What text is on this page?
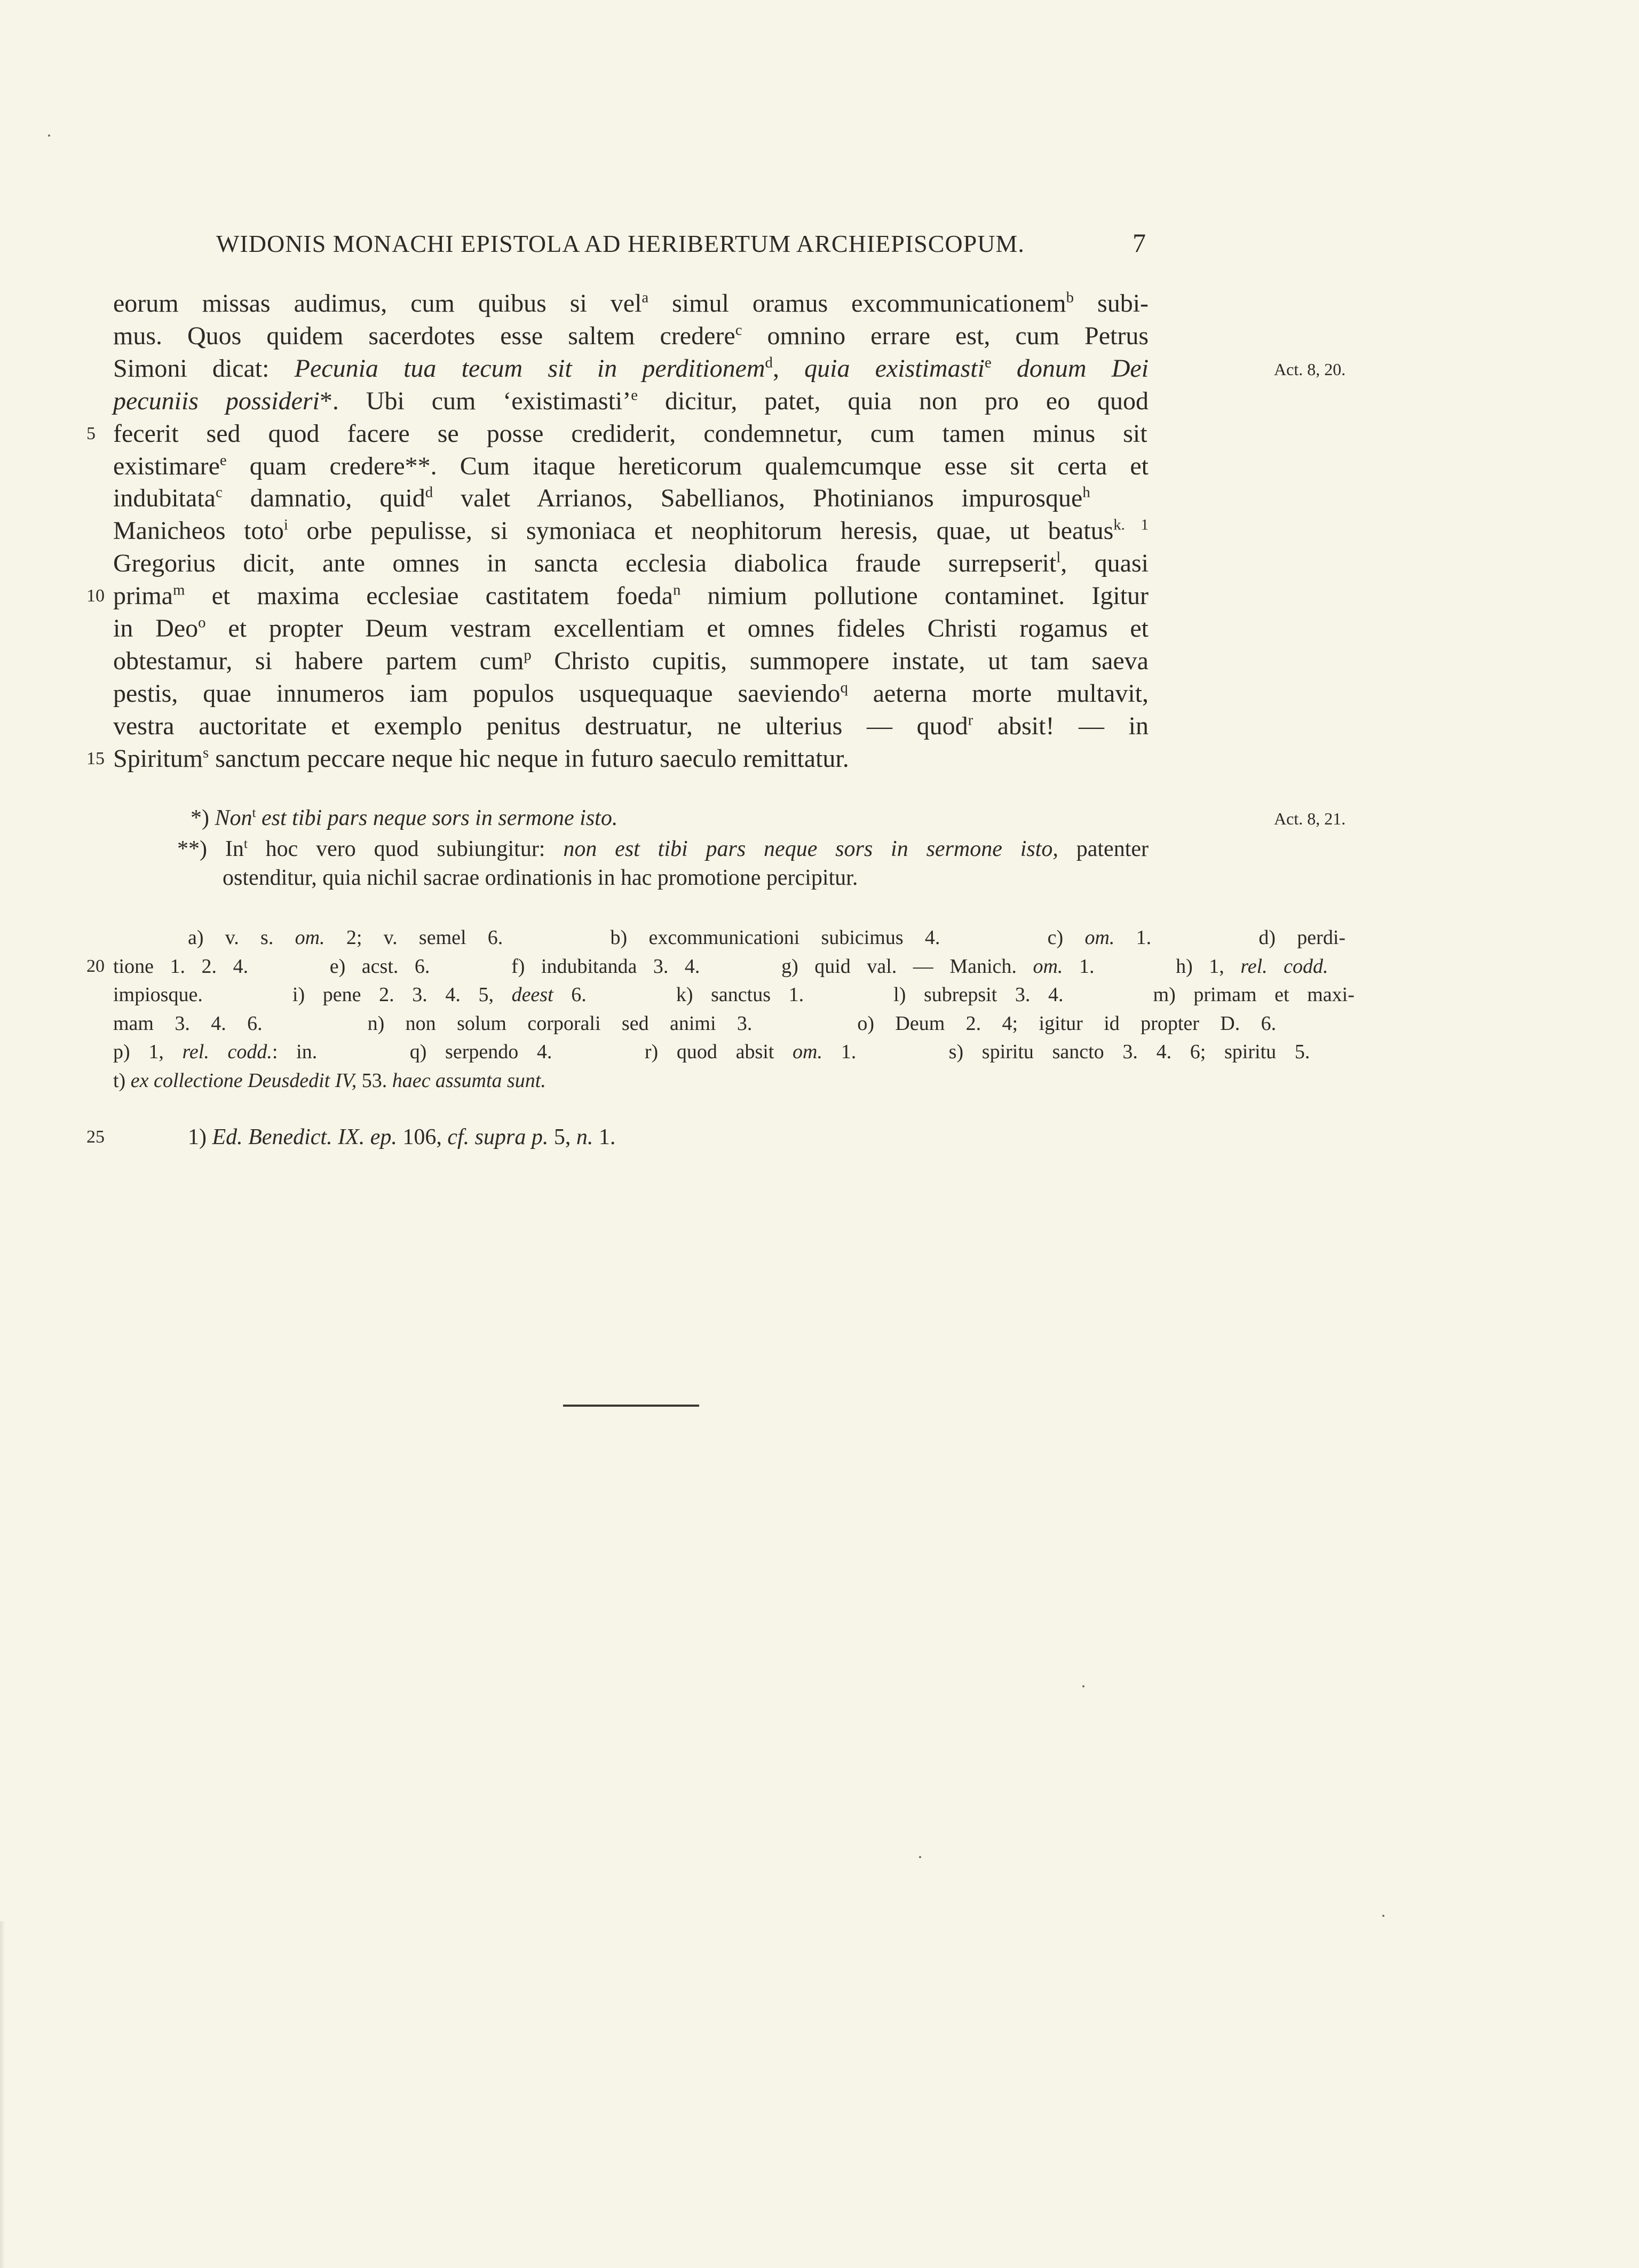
WIDONIS MONACHI EPISTOLA AD HERIBERTUM ARCHIEPISCOPUM.	7
eorum missas audimus, cum quibus si vel$^a$ simul oramus excommunicationem$^b$ subi-
mus. Quos quidem sacerdotes esse saltem credere$^c$ omnino errare est, cum Petrus
Simoni dicat: Pecunia tua tecum sit in perditionem$^d$, quia existimasti$^e$ donum Dei	Act. 8, 20.
pecuniis possideri*. Ubi cum ‘existimasti’$^e$ dicitur, patet, quia non pro eo quod
5 fecerit sed quod facere se posse crediderit, condemnetur, cum tamen minus sit
existimare$^e$ quam credere**. Cum itaque hereticorum qualemcumque esse sit certa et
indubitata$^c$ damnatio, quid$^d$ valet Arrianos, Sabellianos, Photinianos impurosque$^h$
Manicheos toto$^i$ orbe pepulisse, si symoniaca et neophitorum heresis, quae, ut beatus$^{k. 1}$
Gregorius dicit, ante omnes in sancta ecclesia diabolica fraude surrepserit$^l$, quasi
10 prima$^m$ et maxima ecclesiae castitatem foeda$^n$ nimium pollutione contaminet. Igitur
in Deo$^o$ et propter Deum vestram excellentiam et omnes fideles Christi rogamus et
obtestamur, si habere partem cum$^p$ Christo cupitis, summopere instate, ut tam saeva
pestis, quae innumeros iam populos usquequaque saeviendo$^q$ aeterna morte multavit,
vestra auctoritate et exemplo penitus destruatur, ne ulterius — quod$^r$ absit! — in
15 Spiritum$^s$ sanctum peccare neque hic neque in futuro saeculo remittatur.
*) Non$^t$ est tibi pars neque sors in sermone isto.	Act. 8, 21.
**) In$^t$ hoc vero quod subiungitur: non est tibi pars neque sors in sermone isto, patenter
ostenditur, quia nichil sacrae ordinationis in hac promotione percipitur.
a) v. s. om. 2; v. semel 6.     b) excommunicationi subicimus 4.     c) om. 1.     d) perdi-
20 tione 1. 2. 4.     e) acst. 6.     f) indubitanda 3. 4.     g) quid val. — Manich. om. 1.     h) 1, rel. codd.
impiosque.     i) pene 2. 3. 4. 5, deest 6.     k) sanctus 1.     l) subrepsit 3. 4.     m) primam et maxi-
mam 3. 4. 6.     n) non solum corporali sed animi 3.     o) Deum 2. 4; igitur id propter D. 6.
p) 1, rel. codd.: in.     q) serpendo 4.     r) quod absit om. 1.     s) spiritu sancto 3. 4. 6; spiritu 5.
t) ex collectione Deusdedit IV, 53. haec assumta sunt.
25	1) Ed. Benedict. IX. ep. 106, cf. supra p. 5, n. 1.
